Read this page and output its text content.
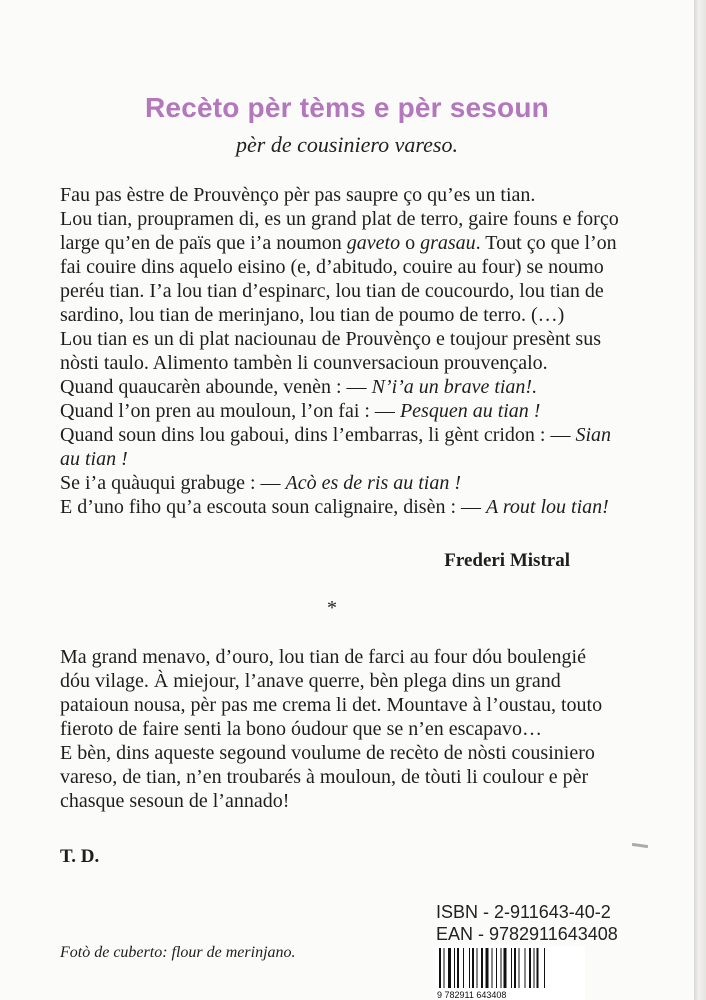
Recèto pèr tèms e pèr sesoun
pèr de cousiniero vareso.

Fau pas èstre de Prouvènço pèr pas saupre ço qu’es un tian.

Lou tian, proupramen di, es un grand plat de terro, gaire founs e forço large qu’en de païs que i’a noumon gaveto o grasau. Tout ço que l’on fai couire dins aquelo eisino (e, d’abitudo, couire au four) se noumo peréu tian. I’a lou tian d’espinarc, lou tian de coucourdo, lou tian de sardino, lou tian de merinjano, lou tian de poumo de terro. (…)

Lou tian es un di plat naciounau de Prouvènço e toujour presènt sus nòsti taulo. Alimento tambèn li counversacioun prouvençalo.

Quand quaucarèn abounde, venèn : — N’i’a un brave tian!.

Quand l’on pren au mouloun, l’on fai : — Pesquen au tian !

Quand soun dins lou gaboui, dins l’embarras, li gènt cridon : — Sian au tian !

Se i’a quàuqui grabuge : — Acò es de ris au tian !

E d’uno fiho qu’a escouta soun calignaire, disèn : — A rout lou tian!

Frederi Mistral
*

Ma grand menavo, d’ouro, lou tian de farci au four dóu boulengié dóu vilage. À miejour, l’anave querre, bèn plega dins un grand pataioun nousa, pèr pas me crema li det. Mountave à l’oustau, touto fieroto de faire senti la bono óudour que se n’en escapavo…

E bèn, dins aqueste segound voulume de recèto de nòsti cousiniero vareso, de tian, n’en troubarés à mouloun, de tòuti li coulour e pèr chasque sesoun de l’annado!

T. D.
Fotò de cuberto: flour de merinjano.
ISBN - 2-911643-40-2
EAN - 9782911643408
9 782911 643408
